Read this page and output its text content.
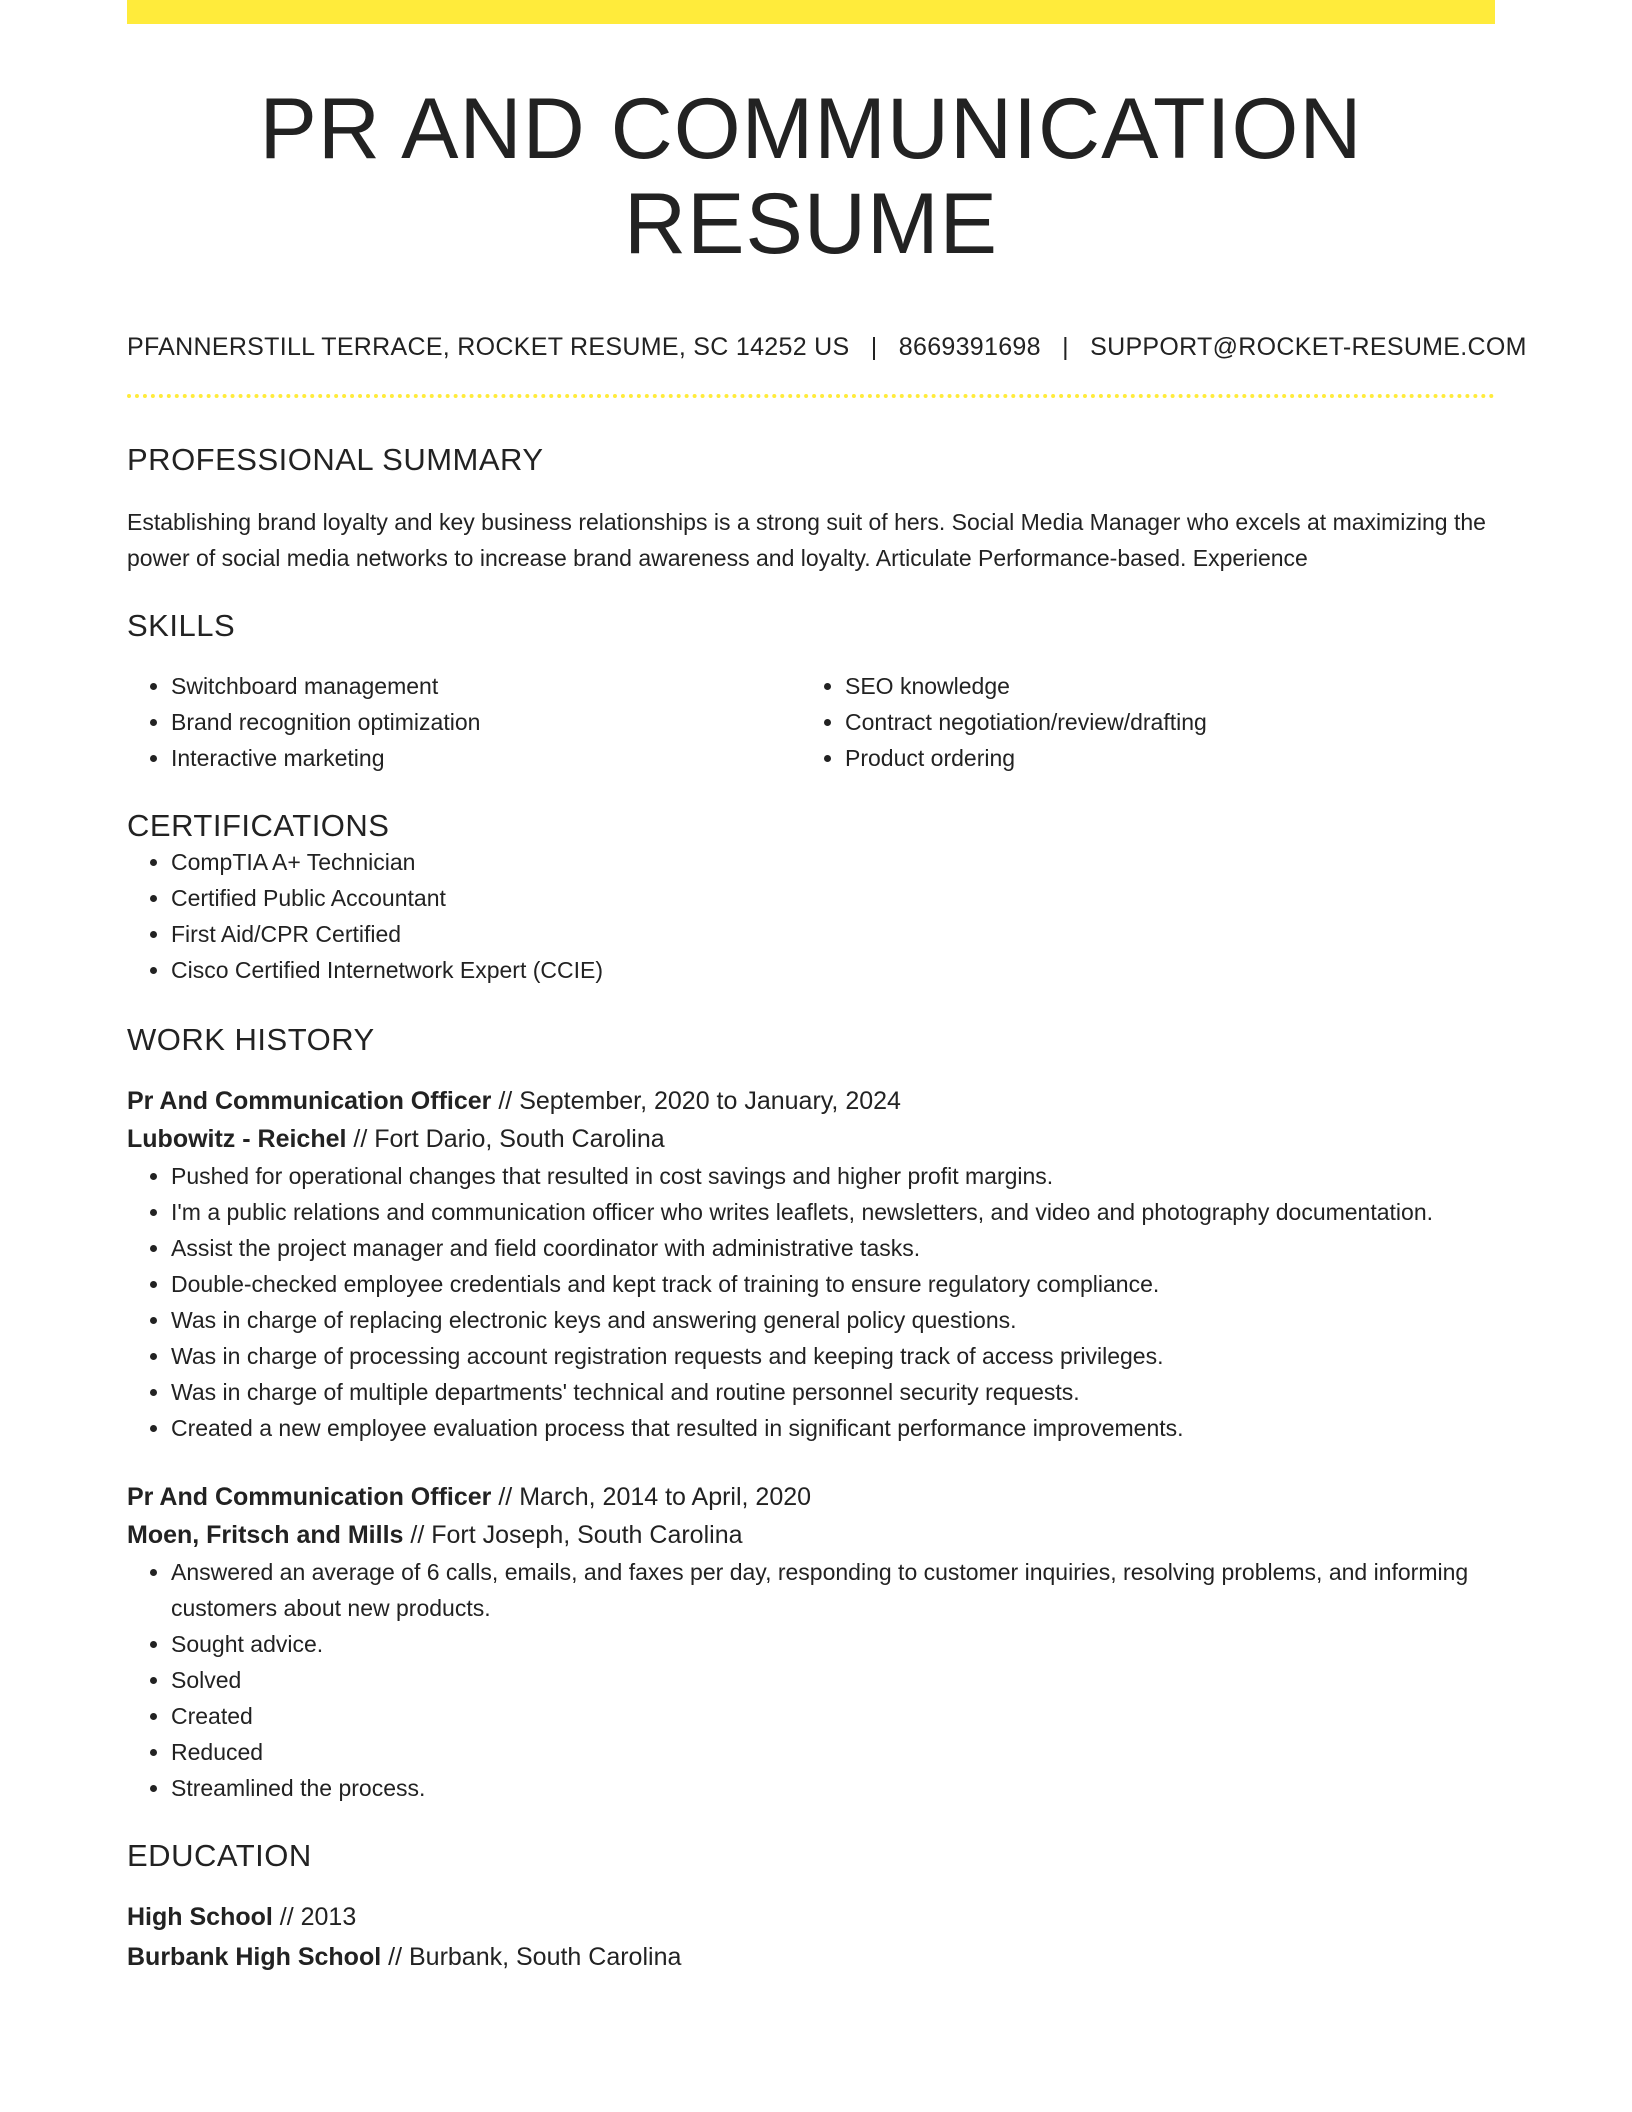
PR AND COMMUNICATION RESUME
PFANNERSTILL TERRACE, ROCKET RESUME, SC 14252 US | 8669391698 | SUPPORT@ROCKET-RESUME.COM
PROFESSIONAL SUMMARY

Establishing brand loyalty and key business relationships is a strong suit of hers. Social Media Manager who excels at maximizing the power of social media networks to increase brand awareness and loyalty. Articulate Performance-based. Experience

SKILLS
• Switchboard management
• Brand recognition optimization
• Interactive marketing
• SEO knowledge
• Contract negotiation/review/drafting
• Product ordering
CERTIFICATIONS
• CompTIA A+ Technician
• Certified Public Accountant
• First Aid/CPR Certified
• Cisco Certified Internetwork Expert (CCIE)
WORK HISTORY
Pr And Communication Officer // September, 2020 to January, 2024
Lubowitz - Reichel // Fort Dario, South Carolina
• Pushed for operational changes that resulted in cost savings and higher profit margins.
• I'm a public relations and communication officer who writes leaflets, newsletters, and video and photography documentation.
• Assist the project manager and field coordinator with administrative tasks.
• Double-checked employee credentials and kept track of training to ensure regulatory compliance.
• Was in charge of replacing electronic keys and answering general policy questions.
• Was in charge of processing account registration requests and keeping track of access privileges.
• Was in charge of multiple departments' technical and routine personnel security requests.
• Created a new employee evaluation process that resulted in significant performance improvements.
Pr And Communication Officer // March, 2014 to April, 2020
Moen, Fritsch and Mills // Fort Joseph, South Carolina
• Answered an average of 6 calls, emails, and faxes per day, responding to customer inquiries, resolving problems, and informing customers about new products.
• Sought advice.
• Solved
• Created
• Reduced
• Streamlined the process.
EDUCATION
High School // 2013
Burbank High School // Burbank, South Carolina
